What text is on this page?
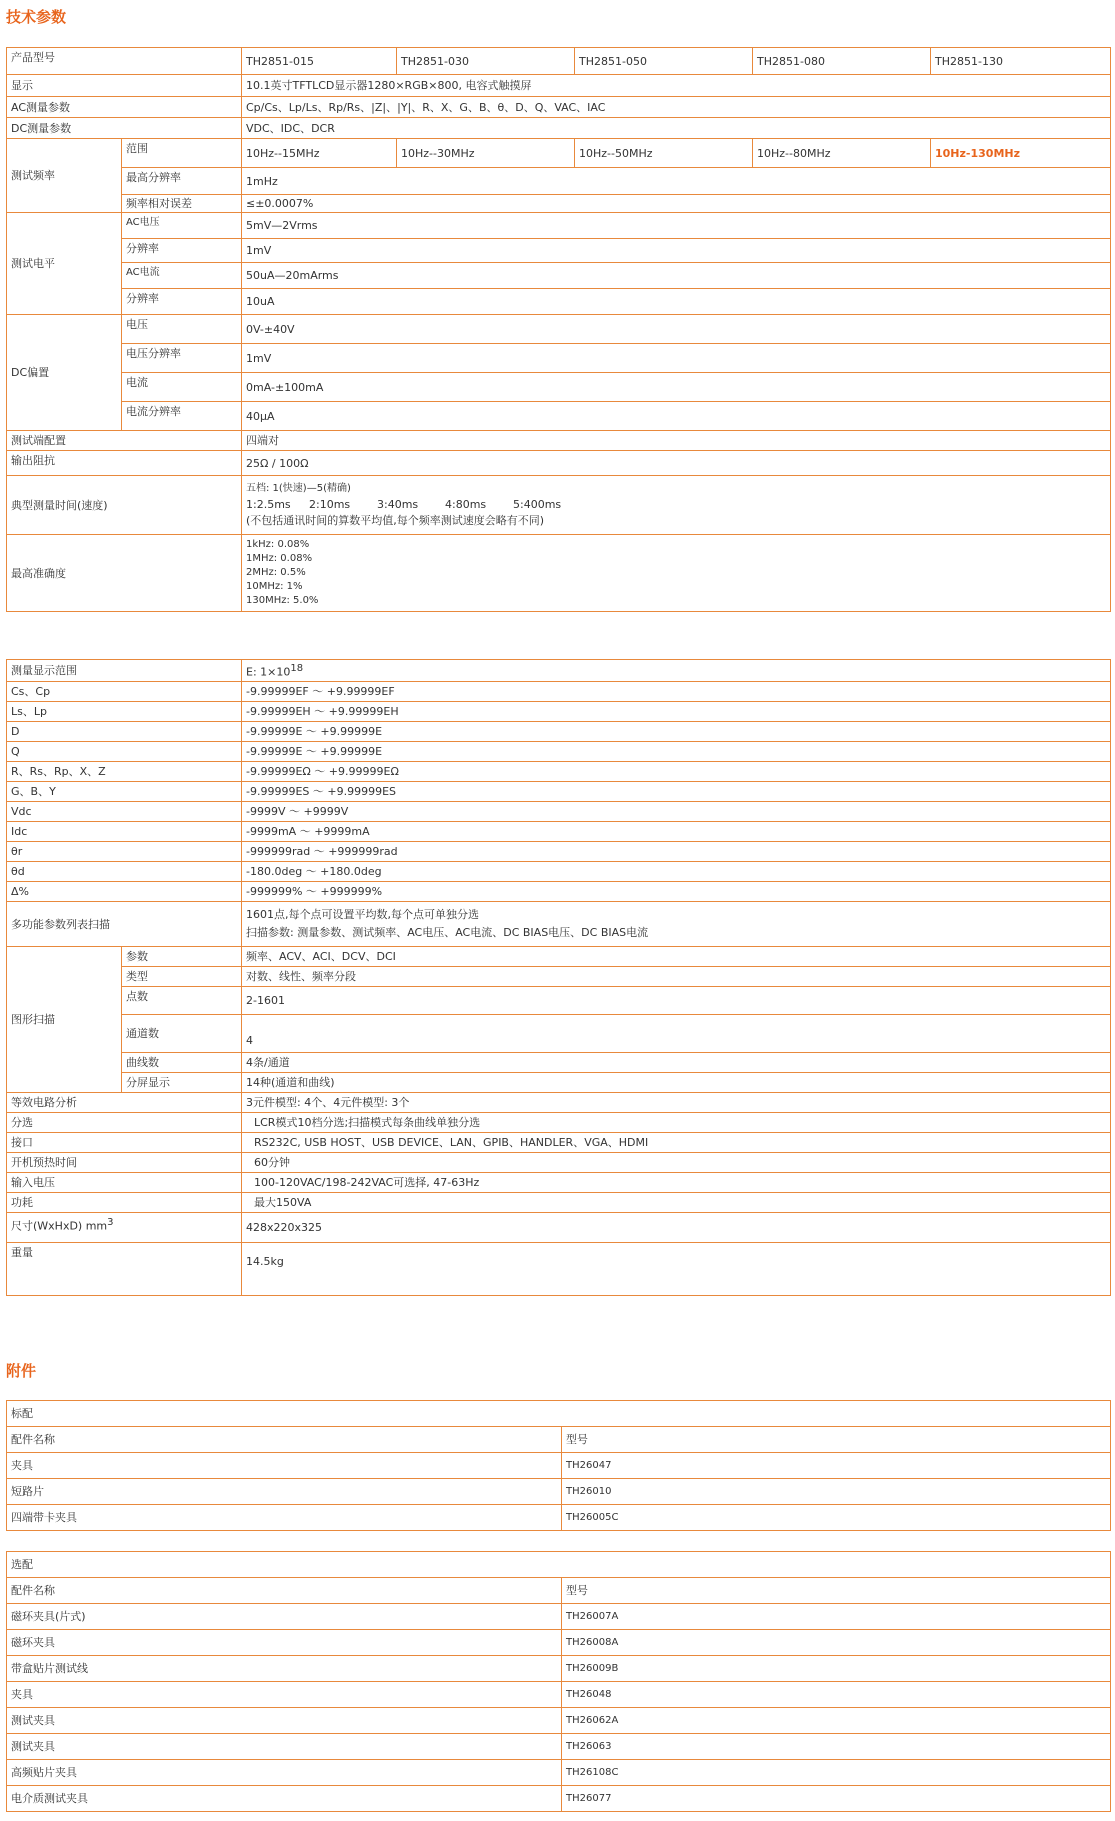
技术参数
产品型号		TH2851-015	TH2851-030	TH2851-050	TH2851-080	TH2851-130
显示		10.1英寸TFTLCD显示器1280×RGB×800, 电容式触摸屏				
AC测量参数		Cp/Cs、Lp/Ls、Rp/Rs、|Z|、|Y|、R、X、G、B、θ、D、Q、VAC、IAC				
DC测量参数		VDC、IDC、DCR				
测试频率	范围	10Hz--15MHz	10Hz--30MHz	10Hz--50MHz	10Hz--80MHz	10Hz-130MHz
	最高分辨率	1mHz				
	频率相对误差	≤±0.0007%				
测试电平	AC电压	5mV—2Vrms				
	分辨率	1mV				
	AC电流	50uA—20mArms				
	分辨率	10uA				
DC偏置	电压	0V-±40V				
	电压分辨率	1mV				
	电流	0mA-±100mA				
	电流分辨率	40μA				
测试端配置		四端对				
输出阻抗		25Ω / 100Ω				
典型测量时间(速度)		五档: 1(快速)—5(精确)
1:2.5ms 2:10ms 3:40ms 4:80ms 5:400ms
(不包括通讯时间的算数平均值,每个频率测试速度会略有不同)				

最高准确度		1kHz: 0.08%
1MHz: 0.08%
2MHz: 0.5%
10MHz: 1%
130MHz: 5.0%				
测量显示范围		E: $1\times 10^{18}$
Cs、Cp		-9.99999EF ～ +9.99999EF
Ls、Lp		-9.99999EH ～ +9.99999EH
D		-9.99999E ～ +9.99999E
Q		-9.99999E ～ +9.99999E
R、Rs、Rp、X、Z		-9.99999EΩ ～ +9.99999EΩ
G、B、Y		-9.99999ES ～ +9.99999ES
Vdc		-9999V ～ +9999V
Idc		-9999mA ～ +9999mA
θr		-999999rad ～ +999999rad
θd		-180.0deg ～ +180.0deg
Δ%		-999999% ～ +999999%
多功能参数列表扫描		1601点,每个点可设置平均数,每个点可单独分选
扫描参数: 测量参数、测试频率、AC电压、AC电流、DC BIAS电压、DC BIAS电流

图形扫描	参数	频率、ACV、ACI、DCV、DCI
	类型	对数、线性、频率分段
	点数	2-1601
	通道数	4
	曲线数	4条/通道
	分屏显示	14种(通道和曲线)
等效电路分析		3元件模型: 4个、4元件模型: 3个
分选		LCR模式10档分选;扫描模式每条曲线单独分选
接口		RS232C, USB HOST、USB DEVICE、LAN、GPIB、HANDLER、VGA、HDMI
开机预热时间		60分钟
输入电压		100-120VAC/198-242VAC可选择, 47-63Hz
功耗		最大150VA
尺寸(WxHxD) $mm^3$		428x220x325
重量		14.5kg
附件
标配	
配件名称	型号
夹具	TH26047
短路片	TH26010
四端带卡夹具	TH26005C
选配	
配件名称	型号
磁环夹具(片式)	TH26007A
磁环夹具	TH26008A
带盒贴片测试线	TH26009B
夹具	TH26048
测试夹具	TH26062A
测试夹具	TH26063
高频贴片夹具	TH26108C
电介质测试夹具	TH26077
